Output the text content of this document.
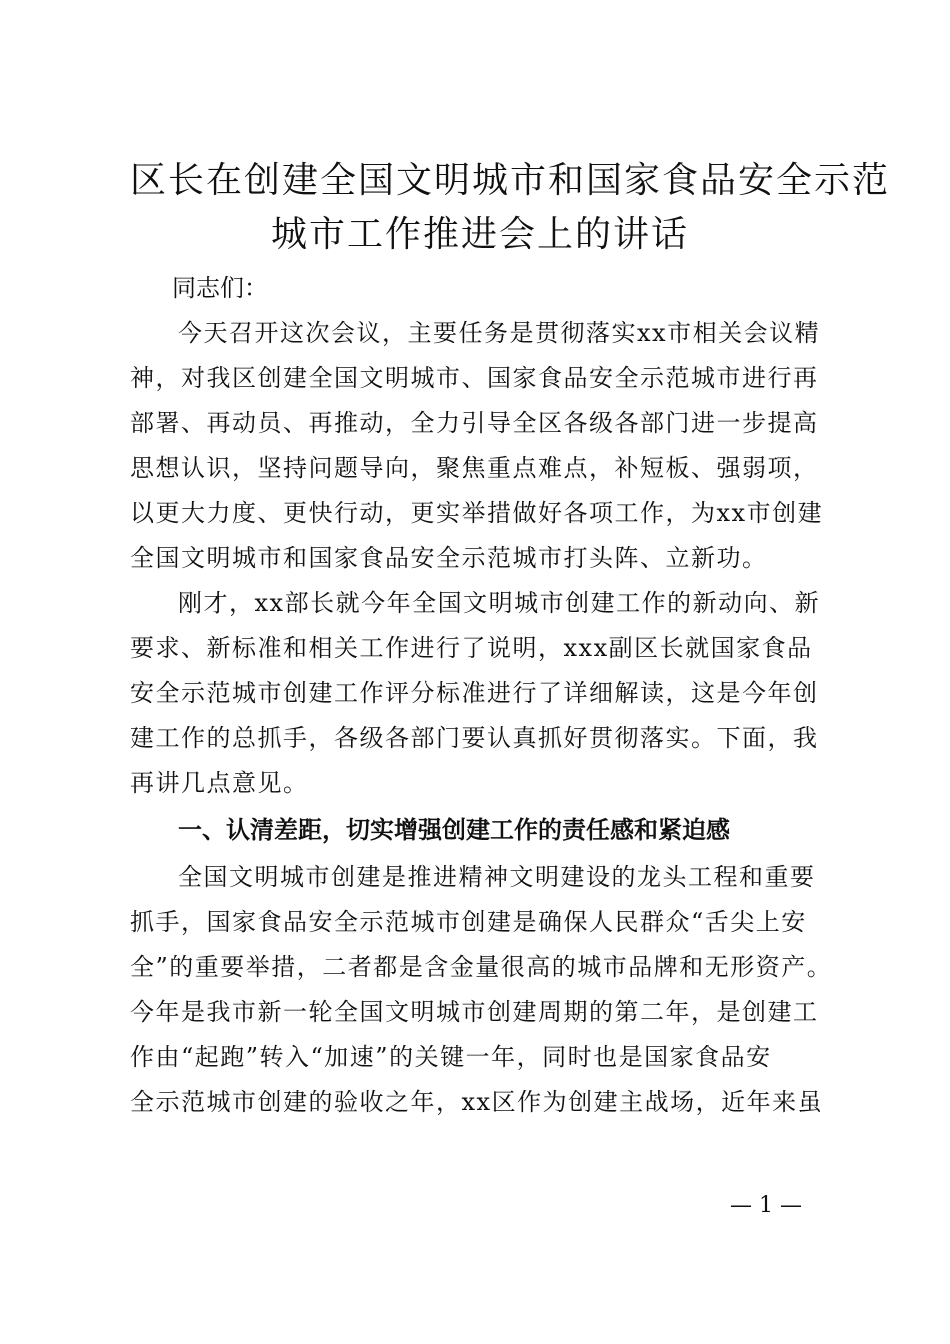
区长在创建全国文明城市和国家食品安全示范
城市工作推进会上的讲话

同志们：

今天召开这次会议，主要任务是贯彻落实xx市相关会议精
神，对我区创建全国文明城市、国家食品安全示范城市进行再
部署、再动员、再推动，全力引导全区各级各部门进一步提高
思想认识，坚持问题导向，聚焦重点难点，补短板、强弱项，
以更大力度、更快行动，更实举措做好各项工作，为xx市创建
全国文明城市和国家食品安全示范城市打头阵、立新功。
刚才，xx部长就今年全国文明城市创建工作的新动向、新
要求、新标准和相关工作进行了说明，xxx副区长就国家食品
安全示范城市创建工作评分标准进行了详细解读，这是今年创
建工作的总抓手，各级各部门要认真抓好贯彻落实。下面，我
再讲几点意见。
一、认清差距，切实增强创建工作的责任感和紧迫感
全国文明城市创建是推进精神文明建设的龙头工程和重要
抓手，国家食品安全示范城市创建是确保人民群众“舌尖上安
全”的重要举措，二者都是含金量很高的城市品牌和无形资产。
今年是我市新一轮全国文明城市创建周期的第二年，是创建工
作由“起跑”转入“加速”的关键一年，同时也是国家食品安
全示范城市创建的验收之年，xx区作为创建主战场，近年来虽
— 1 —
